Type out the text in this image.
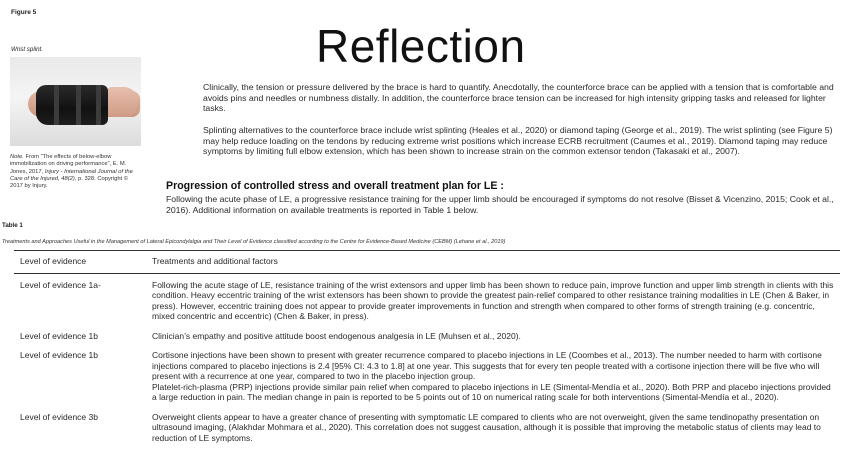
Figure 5
Wrist splint.
Note. From “The effects of below-elbow immobilization on driving performance”, E. M. Jones, 2017, Injury - International Journal of the Care of the Injured, 48(2), p. 328. Copyright © 2017 by Injury.
Reflection
Clinically, the tension or pressure delivered by the brace is hard to quantify. Anecdotally, the counterforce brace can be applied with a tension that is comfortable and avoids pins and needles or numbness distally. In addition, the counterforce brace tension can be increased for high intensity gripping tasks and released for lighter tasks.
Splinting alternatives to the counterforce brace include wrist splinting (Heales et al., 2020) or diamond taping (George et al., 2019). The wrist splinting (see Figure 5) may help reduce loading on the tendons by reducing extreme wrist positions which increase ECRB recruitment (Caumes et al., 2019). Diamond taping may reduce symptoms by limiting full elbow extension, which has been shown to increase strain on the common extensor tendon (Takasaki et al., 2007).
Progression of controlled stress and overall treatment plan for LE :
Following the acute phase of LE, a progressive resistance training for the upper limb should be encouraged if symptoms do not resolve (Bisset & Vicenzino, 2015; Cook et al., 2016). Additional information on available treatments is reported in Table 1 below.
Table 1
Treatments and Approaches Useful in the Management of Lateral Epicondylalgia and Their Level of Evidence classified according to the Centre for Evidence-Based Medicine (CEBM) (Lehane et al., 2019)
Level of evidence	Treatments and additional factors
Level of evidence 1a-	Following the acute stage of LE, resistance training of the wrist extensors and upper limb has been shown to reduce pain, improve function and upper limb strength in clients with this condition. Heavy eccentric training of the wrist extensors has been shown to provide the greatest pain-relief compared to other resistance training modalities in LE (Chen & Baker, in press). However, eccentric training does not appear to provide greater improvements in function and strength when compared to other forms of strength training (e.g. concentric, mixed concentric and eccentric) (Chen & Baker, in press).
Level of evidence 1b	Clinician’s empathy and positive attitude boost endogenous analgesia in LE (Muhsen et al., 2020).
Level of evidence 1b	Cortisone injections have been shown to present with greater recurrence compared to placebo injections in LE (Coombes et al., 2013). The number needed to harm with cortisone injections compared to placebo injections is 2.4 [95% CI: 4.3 to 1.8] at one year. This suggests that for every ten people treated with a cortisone injection there will be five who will present with a recurrence at one year, compared to two in the placebo injection group.
Platelet-rich-plasma (PRP) injections provide similar pain relief when compared to placebo injections in LE (Simental-Mendía et al., 2020). Both PRP and placebo injections provided a large reduction in pain. The median change in pain is reported to be 5 points out of 10 on numerical rating scale for both interventions (Simental-Mendía et al., 2020).

Level of evidence 3b	Overweight clients appear to have a greater chance of presenting with symptomatic LE compared to clients who are not overweight, given the same tendinopathy presentation on ultrasound imaging, (Alakhdar Mohmara et al., 2020). This correlation does not suggest causation, although it is possible that improving the metabolic status of clients may lead to reduction of LE symptoms.
